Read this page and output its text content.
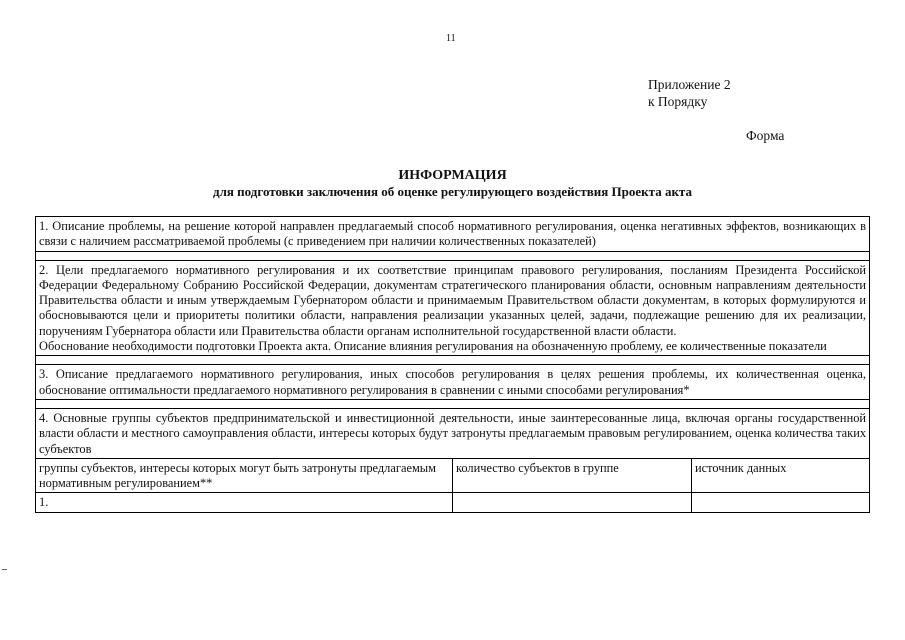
11
Приложение 2
к Порядку
Форма
ИНФОРМАЦИЯ
для подготовки заключения об оценке регулирующего воздействия Проекта акта
1. Описание проблемы, на решение которой направлен предлагаемый способ нормативного регулирования, оценка негативных эффектов, возникающих в связи с наличием рассматриваемой проблемы (с приведением при наличии количественных показателей)		

2. Цели предлагаемого нормативного регулирования и их соответствие принципам правового регулирования, посланиям Президента Российской Федерации Федеральному Собранию Российской Федерации, документам стратегического планирования области, основным направлениям деятельности Правительства области и иным утверждаемым Губернатором области и принимаемым Правительством области документам, в которых формулируются и обосновываются цели и приоритеты политики области, направления реализации указанных целей, задачи, подлежащие решению для их реализации, поручениям Губернатора области или Правительства области органам исполнительной государственной власти области.
Обоснование необходимости подготовки Проекта акта. Описание влияния регулирования на обозначенную проблему, ее количественные показатели		

3. Описание предлагаемого нормативного регулирования, иных способов регулирования в целях решения проблемы, их количественная оценка, обоснование оптимальности предлагаемого нормативного регулирования в сравнении с иными способами регулирования*		

4. Основные группы субъектов предпринимательской и инвестиционной деятельности, иные заинтересованные лица, включая органы государственной власти области и местного самоуправления области, интересы которых будут затронуты предлагаемым правовым регулированием, оценка количества таких субъектов		
группы субъектов, интересы которых могут быть затронуты предлагаемым нормативным регулированием**	количество субъектов в группе	источник данных
1.		
